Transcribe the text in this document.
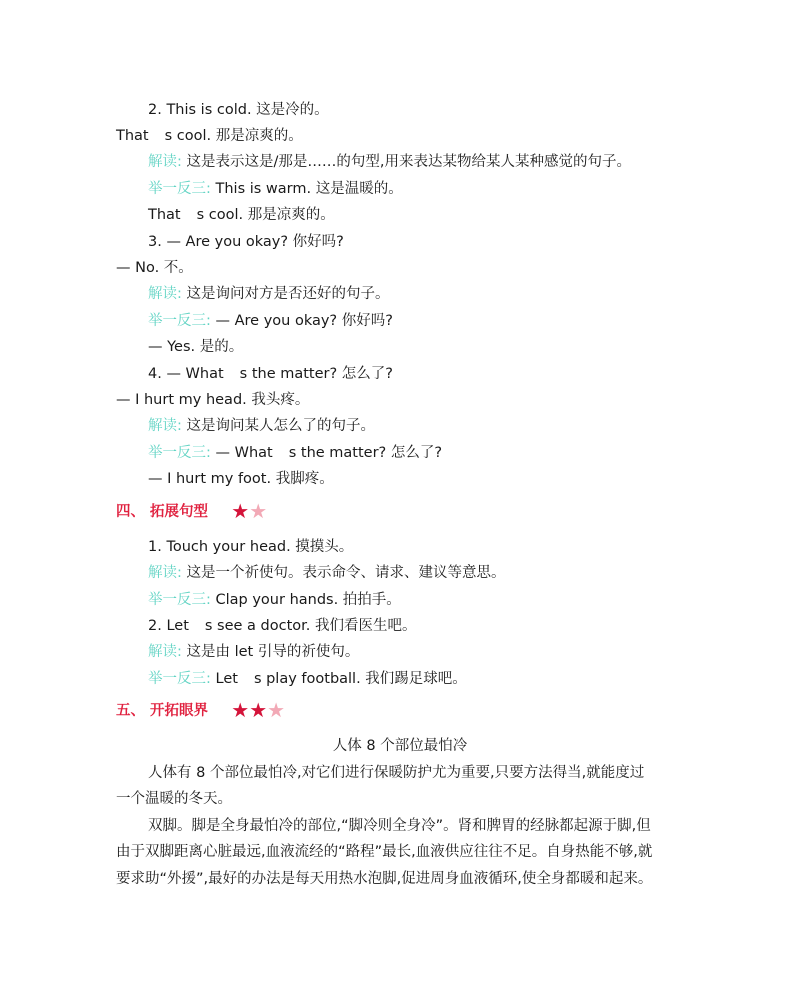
2. This is cold. 这是冷的。
That s cool. 那是凉爽的。
解读: 这是表示这是/那是……的句型,用来表达某物给某人某种感觉的句子。
举一反三: This is warm. 这是温暖的。
That s cool. 那是凉爽的。
3. — Are you okay? 你好吗?
— No. 不。
解读: 这是询问对方是否还好的句子。
举一反三: — Are you okay? 你好吗?
— Yes. 是的。
4. — What s the matter? 怎么了?
— I hurt my head. 我头疼。
解读: 这是询问某人怎么了的句子。
举一反三: — What s the matter? 怎么了?
— I hurt my foot. 我脚疼。
四、 拓展句型 ★★
1. Touch your head. 摸摸头。
解读: 这是一个祈使句。表示命令、请求、建议等意思。
举一反三: Clap your hands. 拍拍手。
2. Let s see a doctor. 我们看医生吧。
解读: 这是由 let 引导的祈使句。
举一反三: Let s play football. 我们踢足球吧。
五、 开拓眼界 ★★★
人体 8 个部位最怕冷
人体有 8 个部位最怕冷,对它们进行保暖防护尤为重要,只要方法得当,就能度过
一个温暖的冬天。
双脚。脚是全身最怕冷的部位,“脚冷则全身冷”。肾和脾胃的经脉都起源于脚,但
由于双脚距离心脏最远,血液流经的“路程”最长,血液供应往往不足。自身热能不够,就
要求助“外援”,最好的办法是每天用热水泡脚,促进周身血液循环,使全身都暖和起来。
